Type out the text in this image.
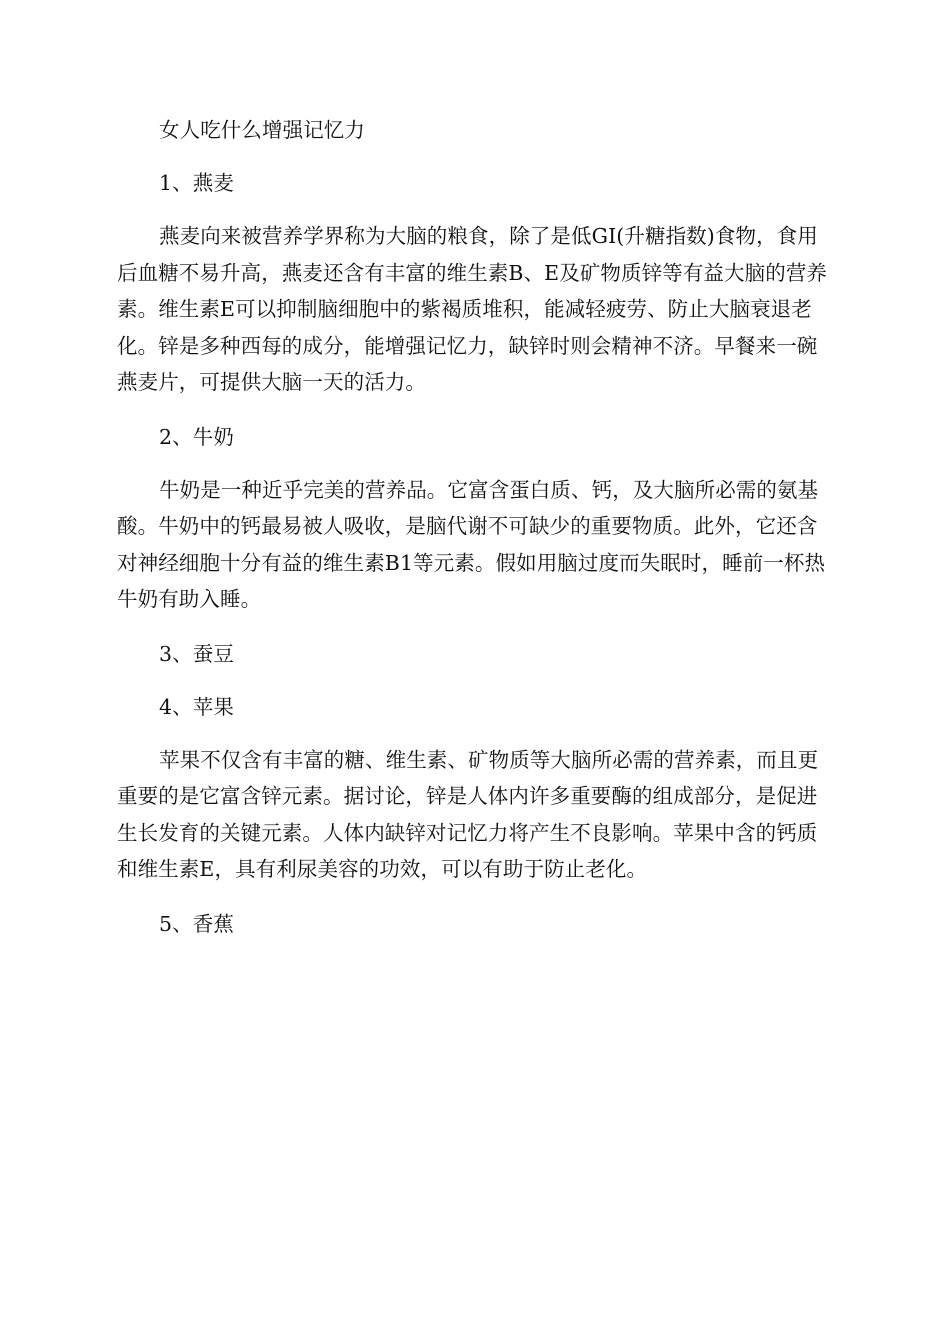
女人吃什么增强记忆力

1、燕麦

燕麦向来被营养学界称为大脑的粮食，除了是低GI(升糖指数)食物，食用后血糖不易升高，燕麦还含有丰富的维生素B、E及矿物质锌等有益大脑的营养素。维生素E可以抑制脑细胞中的紫褐质堆积，能减轻疲劳、防止大脑衰退老化。锌是多种西每的成分，能增强记忆力，缺锌时则会精神不济。早餐来一碗燕麦片，可提供大脑一天的活力。

2、牛奶

牛奶是一种近乎完美的营养品。它富含蛋白质、钙，及大脑所必需的氨基酸。牛奶中的钙最易被人吸收，是脑代谢不可缺少的重要物质。此外，它还含对神经细胞十分有益的维生素B1等元素。假如用脑过度而失眠时，睡前一杯热牛奶有助入睡。

3、蚕豆

4、苹果

苹果不仅含有丰富的糖、维生素、矿物质等大脑所必需的营养素，而且更重要的是它富含锌元素。据讨论，锌是人体内许多重要酶的组成部分，是促进生长发育的关键元素。人体内缺锌对记忆力将产生不良影响。苹果中含的钙质和维生素E，具有利尿美容的功效，可以有助于防止老化。

5、香蕉
